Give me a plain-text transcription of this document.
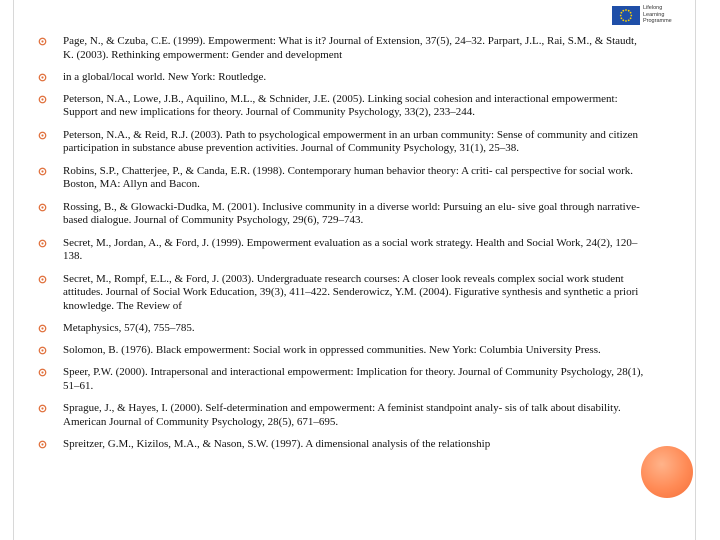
Lifelong
Learning
Programme
Page, N., & Czuba, C.E. (1999). Empowerment: What is it? Journal of Extension, 37(5), 24–32. Parpart, J.L., Rai, S.M., & Staudt, K. (2003). Rethinking empowerment: Gender and development
in a global/local world. New York: Routledge.
Peterson, N.A., Lowe, J.B., Aquilino, M.L., & Schnider, J.E. (2005). Linking social cohesion and interactional empowerment: Support and new implications for theory. Journal of Community Psychology, 33(2), 233–244.
Peterson, N.A., & Reid, R.J. (2003). Path to psychological empowerment in an urban community: Sense of community and citizen participation in substance abuse prevention activities. Journal of Community Psychology, 31(1), 25–38.
Robins, S.P., Chatterjee, P., & Canda, E.R. (1998). Contemporary human behavior theory: A criti- cal perspective for social work. Boston, MA: Allyn and Bacon.
Rossing, B., & Glowacki-Dudka, M. (2001). Inclusive community in a diverse world: Pursuing an elu- sive goal through narrative-based dialogue. Journal of Community Psychology, 29(6), 729–743.
Secret, M., Jordan, A., & Ford, J. (1999). Empowerment evaluation as a social work strategy. Health and Social Work, 24(2), 120–138.
Secret, M., Rompf, E.L., & Ford, J. (2003). Undergraduate research courses: A closer look reveals complex social work student attitudes. Journal of Social Work Education, 39(3), 411–422. Senderowicz, Y.M. (2004). Figurative synthesis and synthetic a priori knowledge. The Review of
Metaphysics, 57(4), 755–785.
Solomon, B. (1976). Black empowerment: Social work in oppressed communities. New York: Columbia University Press.
Speer, P.W. (2000). Intrapersonal and interactional empowerment: Implication for theory. Journal of Community Psychology, 28(1), 51–61.
Sprague, J., & Hayes, I. (2000). Self-determination and empowerment: A feminist standpoint analy- sis of talk about disability. American Journal of Community Psychology, 28(5), 671–695.
Spreitzer, G.M., Kizilos, M.A., & Nason, S.W. (1997). A dimensional analysis of the relationship
